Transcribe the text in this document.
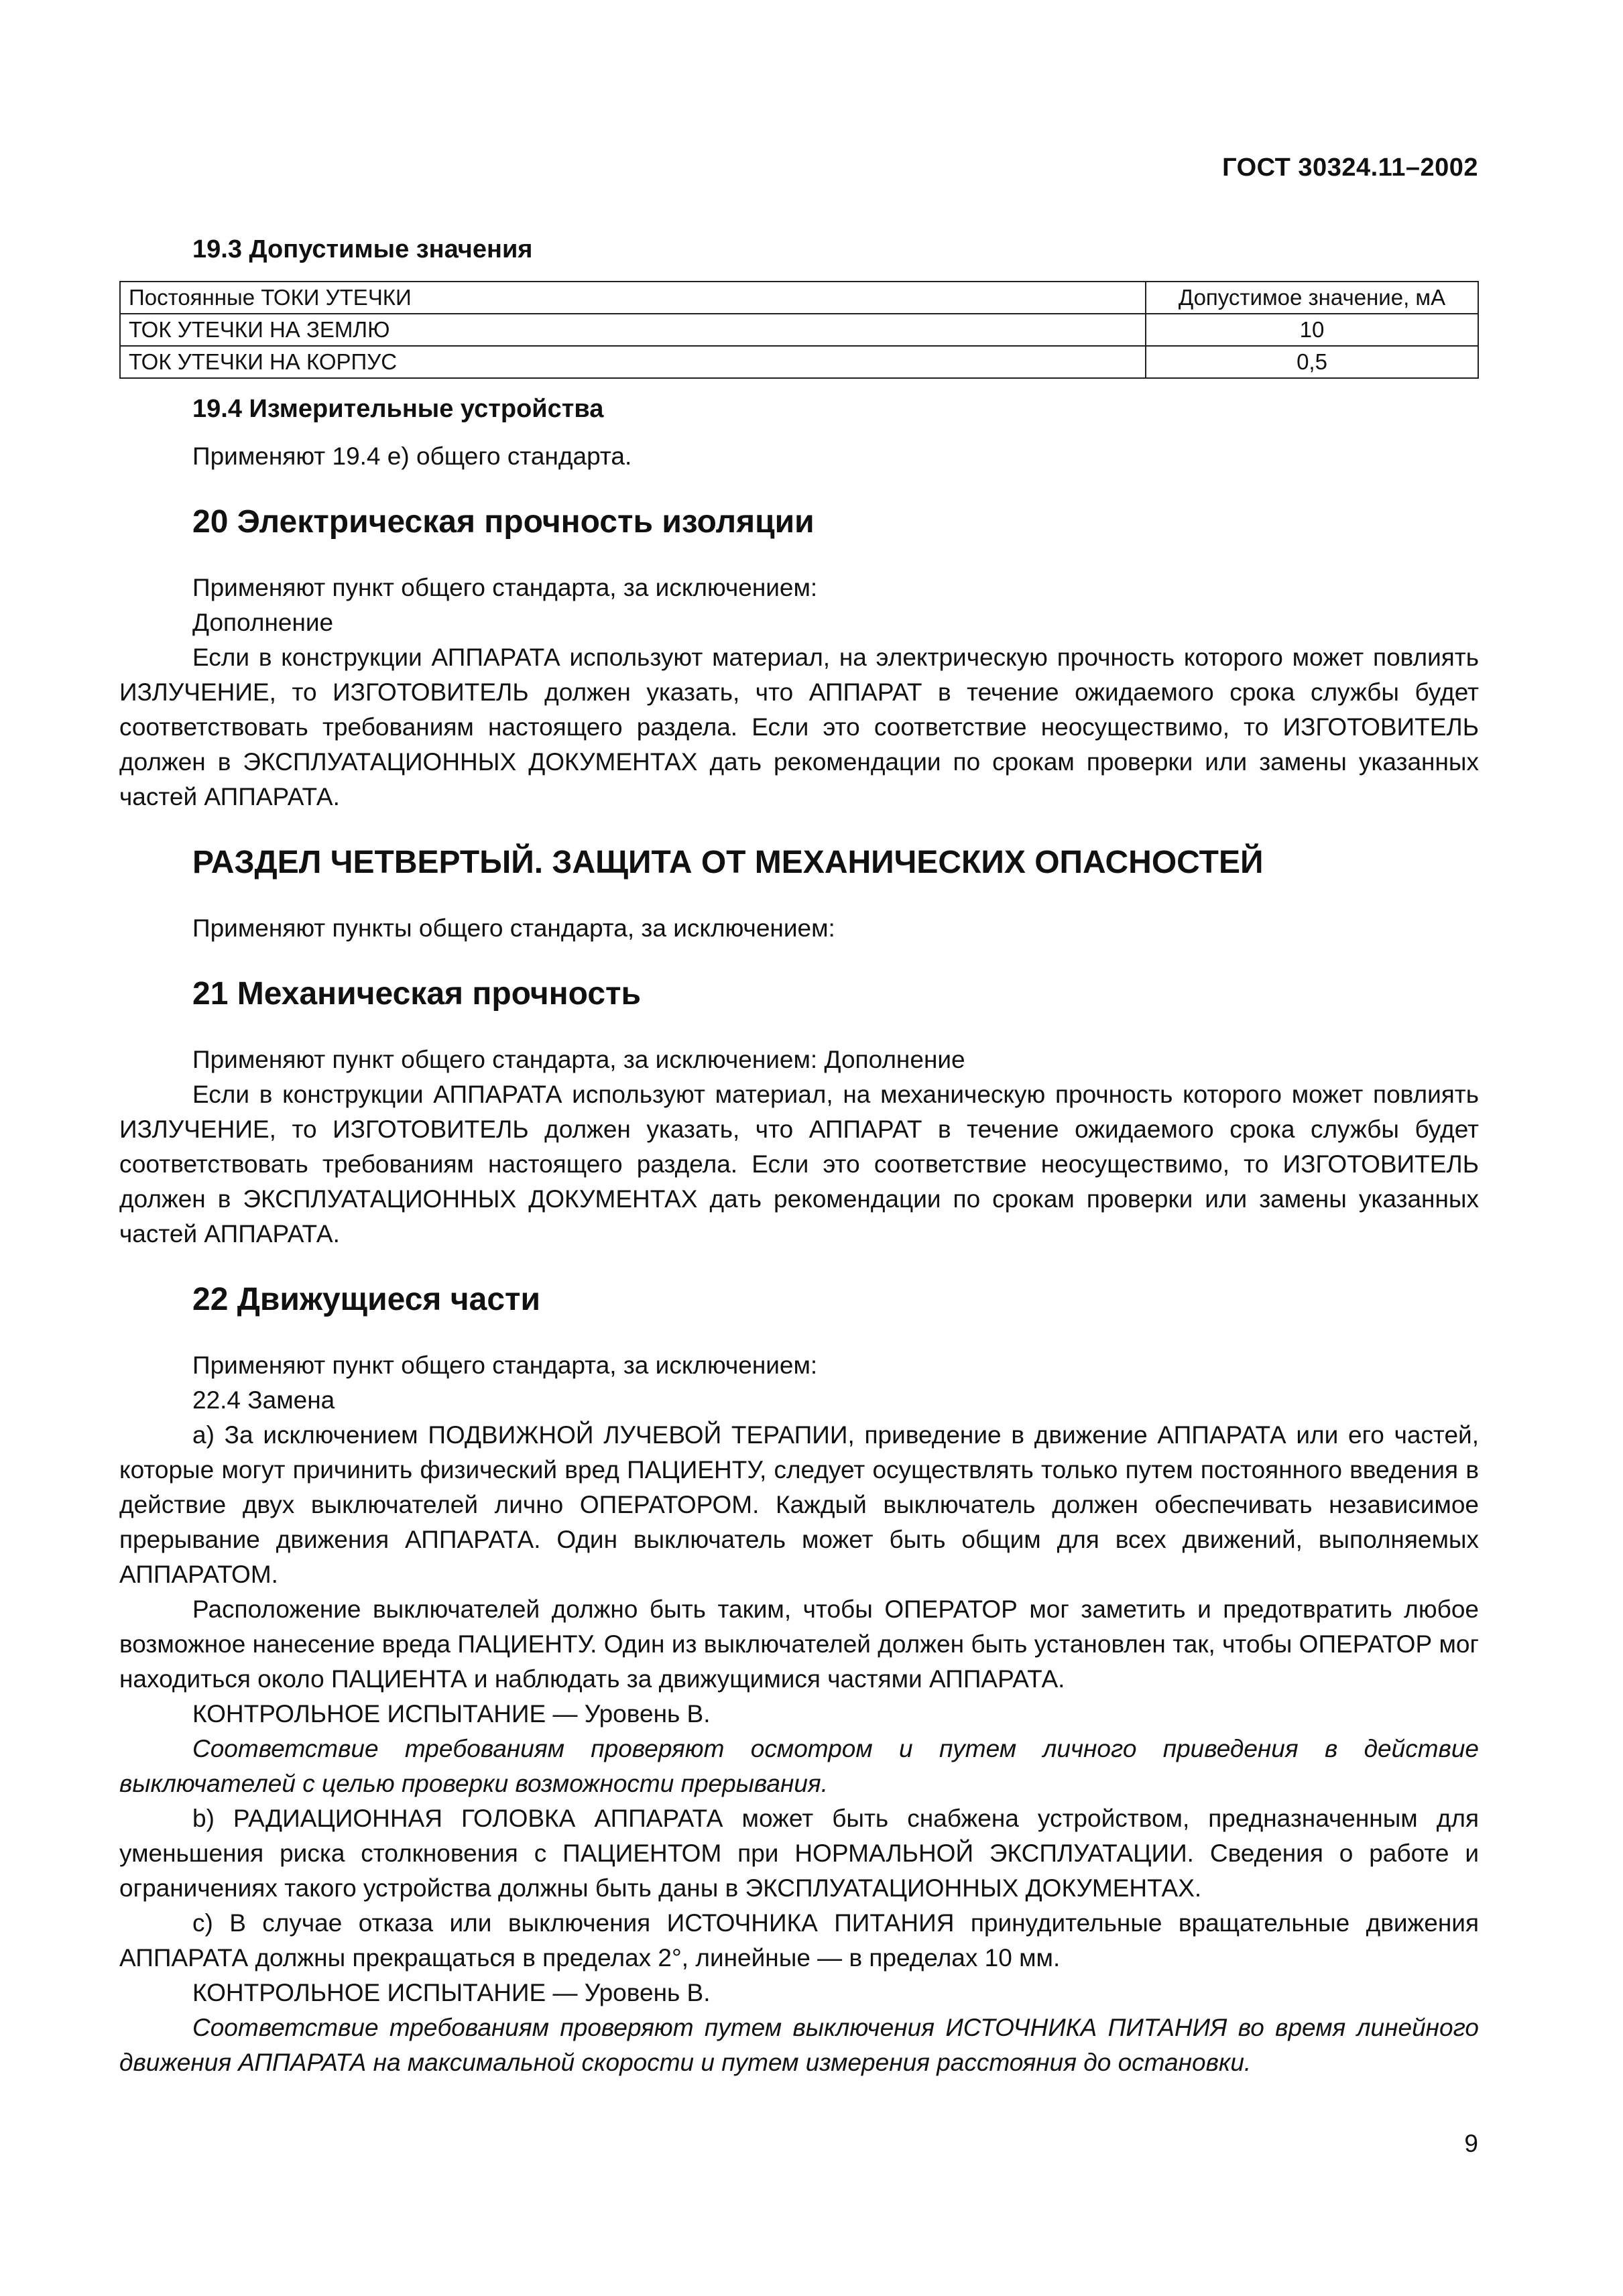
ГОСТ 30324.11–2002

19.3 Допустимые значения

Постоянные ТОКИ УТЕЧКИ	Допустимое значение, мА
ТОК УТЕЧКИ НА ЗЕМЛЮ	10
ТОК УТЕЧКИ НА КОРПУС	0,5

19.4 Измерительные устройства

Применяют 19.4 е) общего стандарта.

20 Электрическая прочность изоляции

Применяют пункт общего стандарта, за исключением:

Дополнение

Если в конструкции АППАРАТА используют материал, на электрическую прочность которого может повлиять ИЗЛУЧЕНИЕ, то ИЗГОТОВИТЕЛЬ должен указать, что АППАРАТ в течение ожидаемого срока службы будет соответствовать требованиям настоящего раздела. Если это соответствие неосуществимо, то ИЗГОТОВИТЕЛЬ должен в ЭКСПЛУАТАЦИОННЫХ ДОКУМЕНТАХ дать рекомендации по срокам проверки или замены указанных частей АППАРАТА.

РАЗДЕЛ ЧЕТВЕРТЫЙ. ЗАЩИТА ОТ МЕХАНИЧЕСКИХ ОПАСНОСТЕЙ

Применяют пункты общего стандарта, за исключением:

21 Механическая прочность

Применяют пункт общего стандарта, за исключением: Дополнение

Если в конструкции АППАРАТА используют материал, на механическую прочность которого может повлиять ИЗЛУЧЕНИЕ, то ИЗГОТОВИТЕЛЬ должен указать, что АППАРАТ в течение ожидаемого срока службы будет соответствовать требованиям настоящего раздела. Если это соответствие неосуществимо, то ИЗГОТОВИТЕЛЬ должен в ЭКСПЛУАТАЦИОННЫХ ДОКУМЕНТАХ дать рекомендации по срокам проверки или замены указанных частей АППАРАТА.

22 Движущиеся части

Применяют пункт общего стандарта, за исключением:

22.4 Замена

а) За исключением ПОДВИЖНОЙ ЛУЧЕВОЙ ТЕРАПИИ, приведение в движение АППАРАТА или его частей, которые могут причинить физический вред ПАЦИЕНТУ, следует осуществлять только путем постоянного введения в действие двух выключателей лично ОПЕРАТОРОМ. Каждый выключатель должен обеспечивать независимое прерывание движения АППАРАТА. Один выключатель может быть общим для всех движений, выполняемых АППАРАТОМ.

Расположение выключателей должно быть таким, чтобы ОПЕРАТОР мог заметить и предотвратить любое возможное нанесение вреда ПАЦИЕНТУ. Один из выключателей должен быть установлен так, чтобы ОПЕРАТОР мог находиться около ПАЦИЕНТА и наблюдать за движущимися частями АППАРАТА.

КОНТРОЛЬНОЕ ИСПЫТАНИЕ — Уровень В.

Соответствие требованиям проверяют осмотром и путем личного приведения в действие выключателей с целью проверки возможности прерывания.

b) РАДИАЦИОННАЯ ГОЛОВКА АППАРАТА может быть снабжена устройством, предназначенным для уменьшения риска столкновения с ПАЦИЕНТОМ при НОРМАЛЬНОЙ ЭКСПЛУАТАЦИИ. Сведения о работе и ограничениях такого устройства должны быть даны в ЭКСПЛУАТАЦИОННЫХ ДОКУМЕНТАХ.

с) В случае отказа или выключения ИСТОЧНИКА ПИТАНИЯ принудительные вращательные движения АППАРАТА должны прекращаться в пределах 2°, линейные — в пределах 10 мм.

КОНТРОЛЬНОЕ ИСПЫТАНИЕ — Уровень В.

Соответствие требованиям проверяют путем выключения ИСТОЧНИКА ПИТАНИЯ во время линейного движения АППАРАТА на максимальной скорости и путем измерения расстояния до остановки.

9
